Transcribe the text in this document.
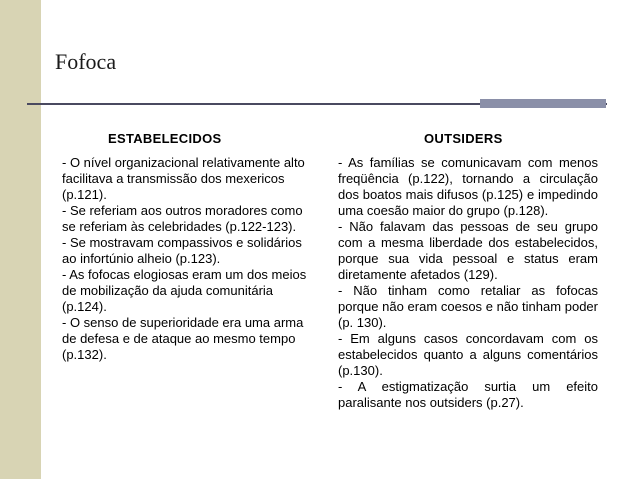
Fofoca
ESTABELECIDOS	OUTSIDERS

- O nível organizacional relativamente alto facilitava a transmissão dos mexericos (p.121).

- Se referiam aos outros moradores como se referiam às celebridades (p.122-123).

- Se mostravam compassivos e solidários ao infortúnio alheio (p.123).

- As fofocas elogiosas eram um dos meios de mobilização da ajuda comunitária (p.124).

- O senso de superioridade era uma arma de defesa e de ataque ao mesmo tempo (p.132).

- As famílias se comunicavam com menos freqüência (p.122), tornando a circulação dos boatos mais difusos (p.125) e impedindo uma coesão maior do grupo (p.128).

- Não falavam das pessoas de seu grupo com a mesma liberdade dos estabelecidos, porque sua vida pessoal e status eram diretamente afetados (129).

- Não tinham como retaliar as fofocas porque não eram coesos e não tinham poder (p. 130).

- Em alguns casos concordavam com os estabelecidos quanto a alguns comentários (p.130).

- A estigmatização surtia um efeito paralisante nos outsiders (p.27).
